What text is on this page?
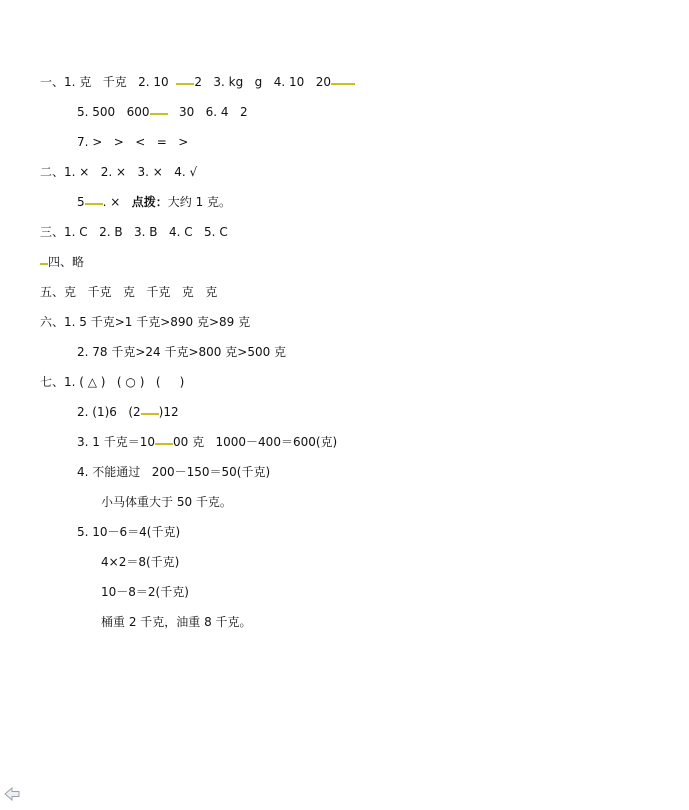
一、1. 克   千克   2. 10  2   3. kg   g   4. 10   20
5. 500   600   30   6. 4   2
7. >   >   <   =   >
二、1. ×   2. ×   3. ×   4. √
5 . ×   点拨：大约 1 克。
三、1. C   2. B   3. B   4. C   5. C
四、略
五、克   千克   克   千克   克   克
六、1. 5 千克>1 千克>890 克>89 克
2. 78 千克>24 千克>800 克>500 克
七、1. ( △ )   ( ○ )   (     )
2. (1)6   (2 )12
3. 1 千克＝10 00 克   1000－400＝600(克)
4. 不能通过   200－150＝50(千克)
小马体重大于 50 千克。
5. 10－6＝4(千克)
4×2＝8(千克)
10－8＝2(千克)
桶重 2 千克，油重 8 千克。
